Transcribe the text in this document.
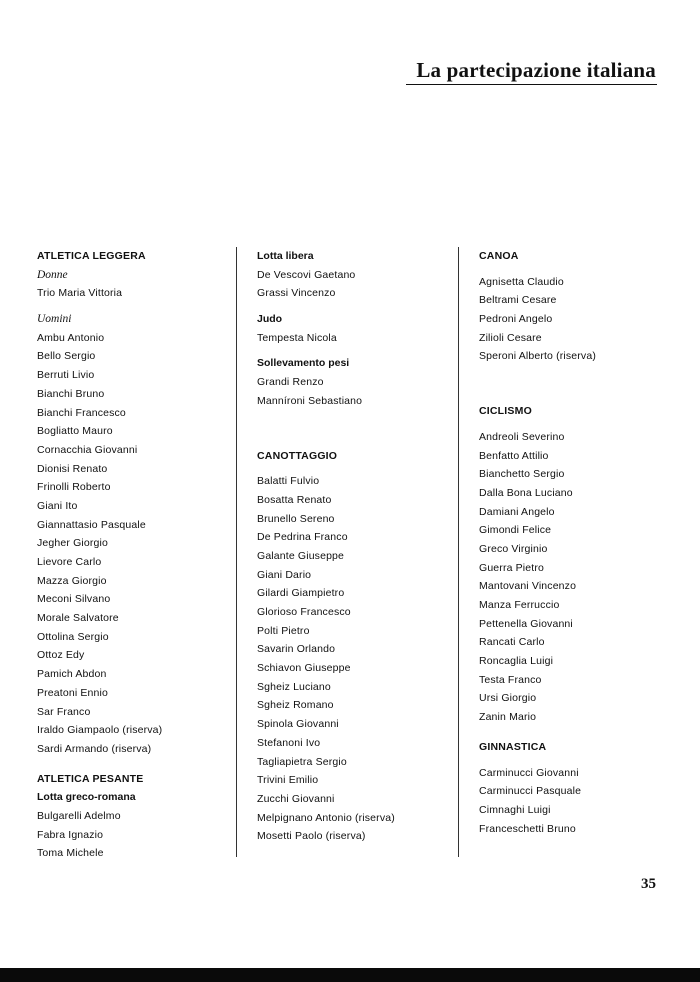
La partecipazione italiana
ATLETICA LEGGERA
Donne
Trio Maria Vittoria
Uomini
Ambu Antonio
Bello Sergio
Berruti Livio
Bianchi Bruno
Bianchi Francesco
Bogliatto Mauro
Cornacchia Giovanni
Dionisi Renato
Frinolli Roberto
Giani Ito
Giannattasio Pasquale
Jegher Giorgio
Lievore Carlo
Mazza Giorgio
Meconi Silvano
Morale Salvatore
Ottolina Sergio
Ottoz Edy
Pamich Abdon
Preatoni Ennio
Sar Franco
Iraldo Giampaolo (riserva)
Sardi Armando (riserva)
ATLETICA PESANTE
Lotta greco-romana
Bulgarelli Adelmo
Fabra Ignazio
Toma Michele
Lotta libera
De Vescovi Gaetano
Grassi Vincenzo
Judo
Tempesta Nicola
Sollevamento pesi
Grandi Renzo
Manníroni Sebastiano
CANOTTAGGIO
Balatti Fulvio
Bosatta Renato
Brunello Sereno
De Pedrina Franco
Galante Giuseppe
Giani Dario
Gilardi Giampietro
Glorioso Francesco
Polti Pietro
Savarin Orlando
Schiavon Giuseppe
Sgheiz Luciano
Sgheiz Romano
Spinola Giovanni
Stefanoni Ivo
Tagliapietra Sergio
Trivini Emilio
Zucchi Giovanni
Melpignano Antonio (riserva)
Mosetti Paolo (riserva)
CANOA
Agnisetta Claudio
Beltrami Cesare
Pedroni Angelo
Zilioli Cesare
Speroni Alberto (riserva)
CICLISMO
Andreoli Severino
Benfatto Attilio
Bianchetto Sergio
Dalla Bona Luciano
Damiani Angelo
Gimondi Felice
Greco Virginio
Guerra Pietro
Mantovani Vincenzo
Manza Ferruccio
Pettenella Giovanni
Rancati Carlo
Roncaglia Luigi
Testa Franco
Ursi Giorgio
Zanin Mario
GINNASTICA
Carminucci Giovanni
Carminucci Pasquale
Cimnaghi Luigi
Franceschetti Bruno
35
